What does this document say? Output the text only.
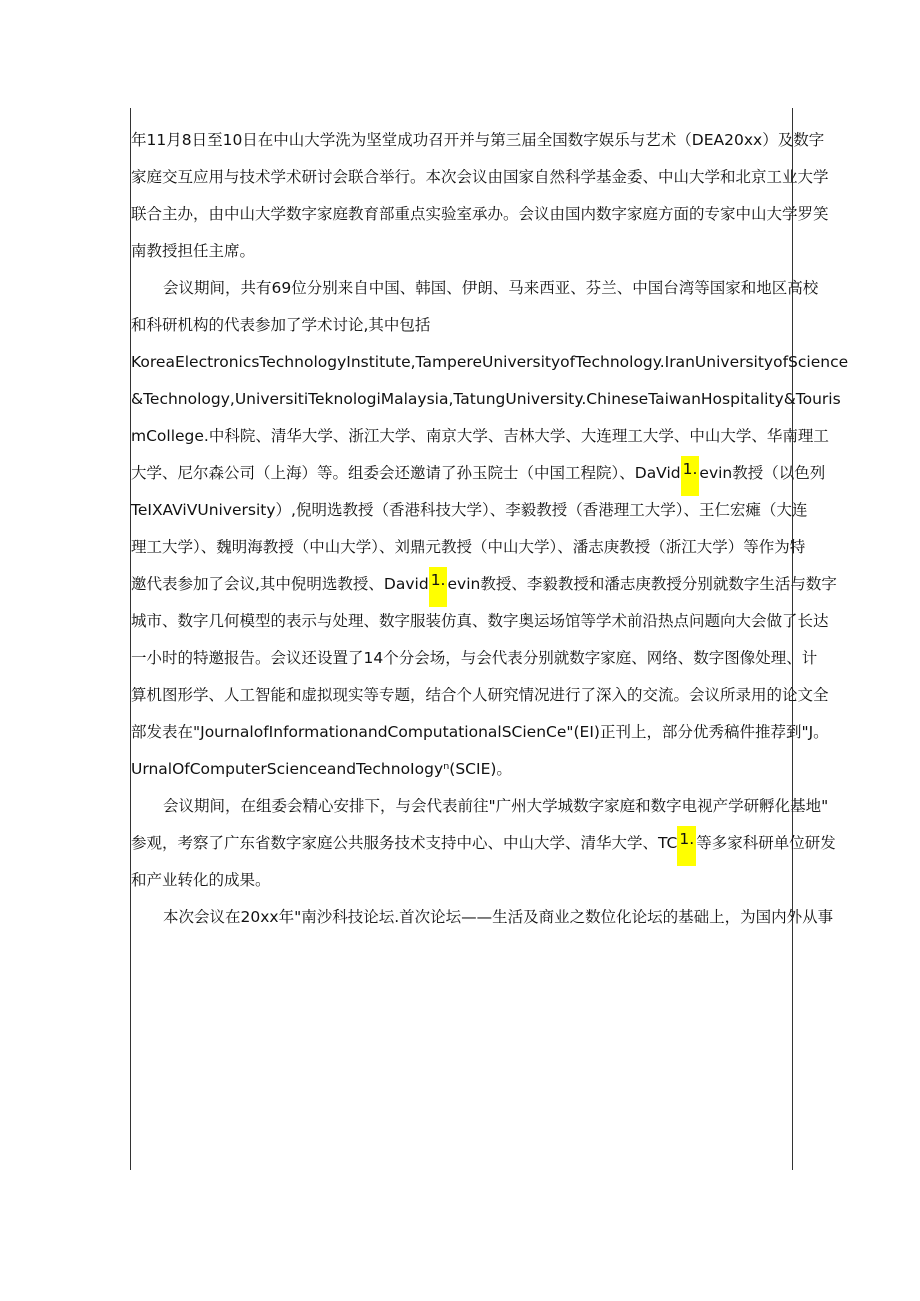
年11月8日至10日在中山大学洗为坚堂成功召开并与第三届全国数字娱乐与艺术（DEA20xx）及数字
家庭交互应用与技术学术研讨会联合举行。本次会议由国家自然科学基金委、中山大学和北京工业大学
联合主办，由中山大学数字家庭教育部重点实验室承办。会议由国内数字家庭方面的专家中山大学罗笑
南教授担任主席。
会议期间，共有69位分别来自中国、韩国、伊朗、马来西亚、芬兰、中国台湾等国家和地区高校
和科研机构的代表参加了学术讨论,其中包括
KoreaElectronicsTechnologyInstitute,TampereUniversityofTechnology.IranUniversityofScience
&Technology,UniversitiTeknologiMalaysia,TatungUniversity.ChineseTaiwanHospitality&Touris
mCollege.中科院、清华大学、浙江大学、南京大学、吉林大学、大连理工大学、中山大学、华南理工
大学、尼尔森公司（上海）等。组委会还邀请了孙玉院士（中国工程院）、DaVid 1. evin教授（以色列
TeIXAViVUniversity）,倪明选教授（香港科技大学）、李毅教授（香港理工大学）、王仁宏瘫（大连
理工大学）、魏明海教授（中山大学）、刘鼎元教授（中山大学）、潘志庚教授（浙江大学）等作为特
邀代表参加了会议,其中倪明选教授、David 1. evin教授、李毅教授和潘志庚教授分别就数字生活与数字
城市、数字几何模型的表示与处理、数字服装仿真、数字奥运场馆等学术前沿热点问题向大会做了长达
一小时的特邀报告。会议还设置了14个分会场，与会代表分别就数字家庭、网络、数字图像处理、计
算机图形学、人工智能和虚拟现实等专题，结合个人研究情况进行了深入的交流。会议所录用的论文全
部发表在"JournalofInformationandComputationalSCienCe"(EI)正刊上，部分优秀稿件推荐到"J。
UrnalOfComputerScienceandTechnoIogyⁿ(SCIE)。
会议期间，在组委会精心安排下，与会代表前往"广州大学城数字家庭和数字电视产学研孵化基地"
参观，考察了广东省数字家庭公共服务技术支持中心、中山大学、清华大学、TC 1. 等多家科研单位研发
和产业转化的成果。
本次会议在20xx年"南沙科技论坛.首次论坛——生活及商业之数位化论坛的基础上，为国内外从事
